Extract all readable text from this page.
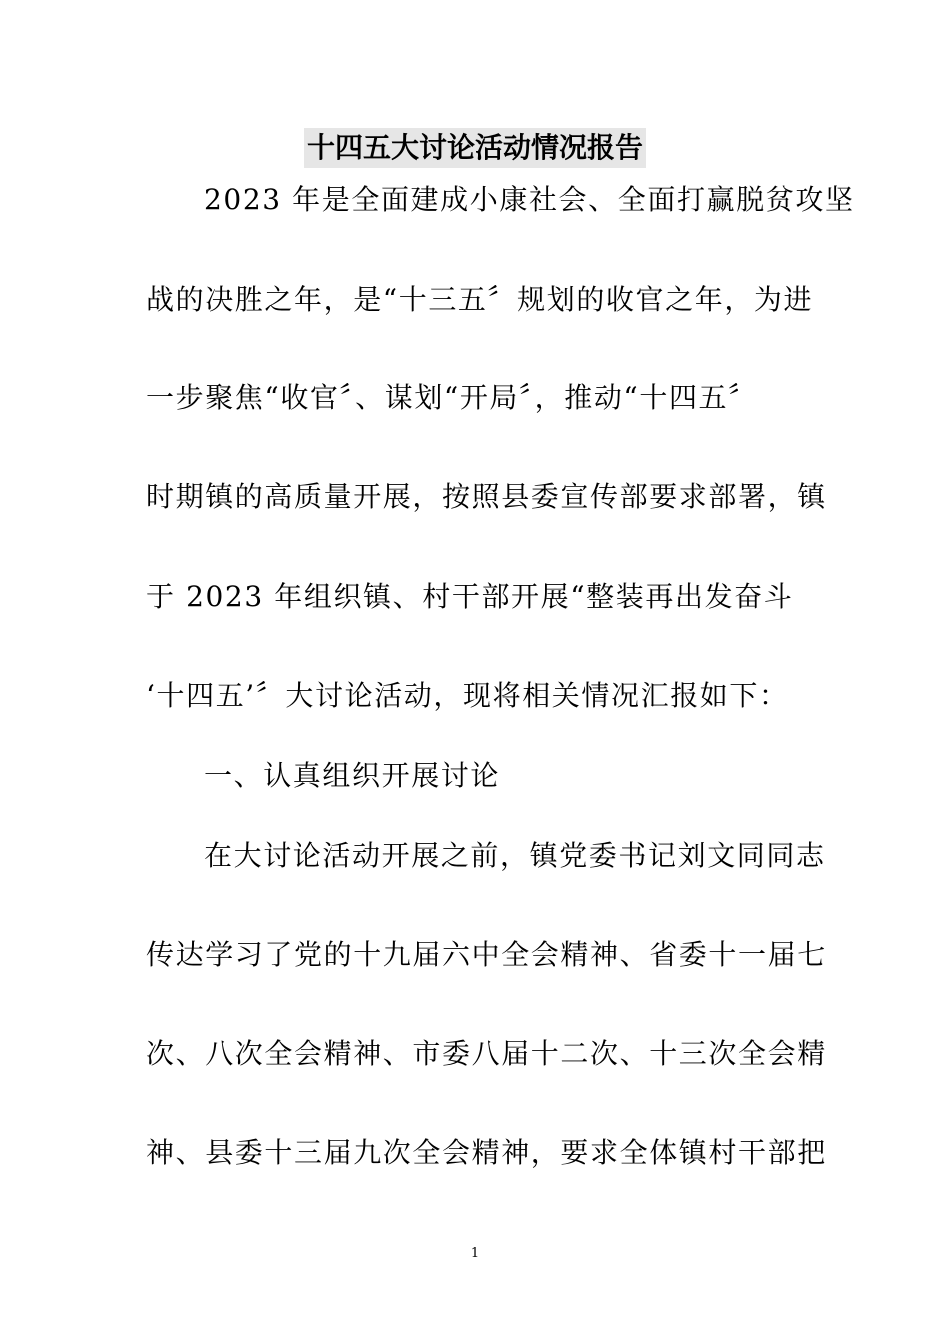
十四五大讨论活动情况报告
2023 年是全面建成小康社会、全面打赢脱贫攻坚
战的决胜之年，是“十三五〞规划的收官之年，为进
一步聚焦“收官〞、谋划“开局〞，推动“十四五〞
时期镇的高质量开展，按照县委宣传部要求部署，镇
于 2023 年组织镇、村干部开展“整装再出发奋斗
‘十四五’〞大讨论活动，现将相关情况汇报如下：
一、认真组织开展讨论
在大讨论活动开展之前，镇党委书记刘文同同志
传达学习了党的十九届六中全会精神、省委十一届七
次、八次全会精神、市委八届十二次、十三次全会精
神、县委十三届九次全会精神，要求全体镇村干部把
1
